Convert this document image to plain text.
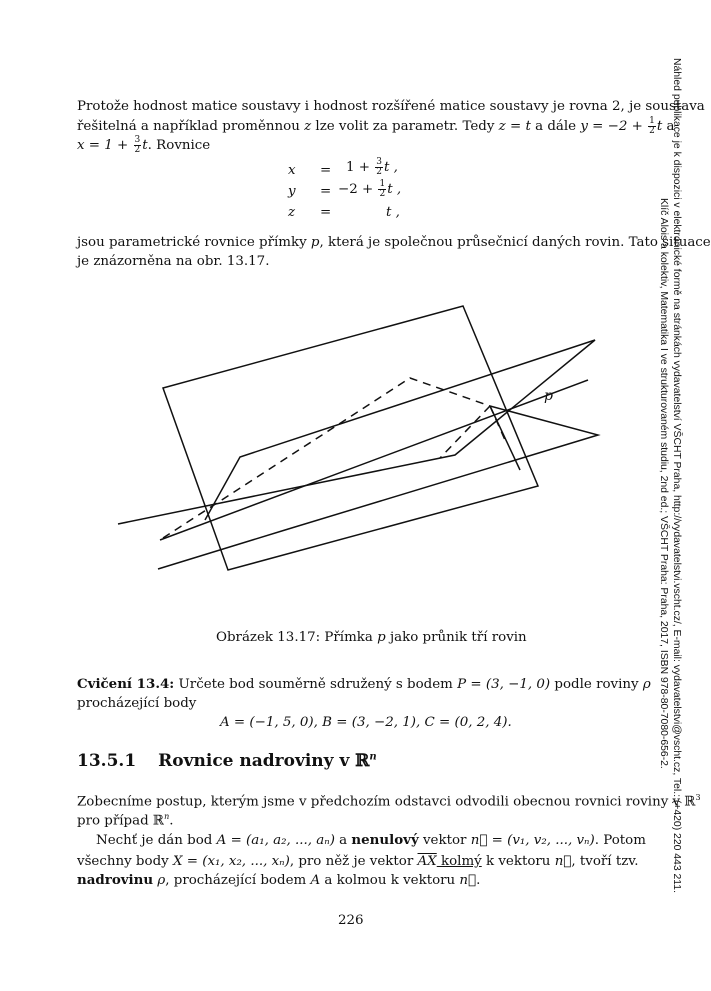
Protože hodnost matice soustavy i hodnost rozšířené matice soustavy je rovna 2, je soustava
řešitelná a například proměnnou z lze volit za parametr. Tedy z = t a dále $y = -2 + \frac{1}{2}$ t a
$x = 1 + \frac{3}{2} t$. Rovnice
$x = 1 + \frac{3}{2}$ t ,
$y = -2 + \frac{1}{2}$ t ,
z =	t ,
jsou parametrické rovnice přímky p, která je společnou průsečnicí daných rovin. Tato situace
je znázorněna na obr. 13.17.
p
Obrázek 13.17: Přímka p jako průnik tří rovin
Cvičení 13.4: Určete bod souměrně sdružený s bodem P = (3, −1, 0) podle roviny ρ
procházející body
A = (−1, 5, 0), B = (3, −2, 1), C = (0, 2, 4).
13.5.1 Rovnice nadroviny v ℝ$^n$
Zobecníme postup, kterým jsme v předchozím odstavci odvodili obecnou rovnici roviny v ℝ$^3$
pro případ ℝ$^n$.
Nechť je dán bod A = (a₁, a₂, ..., aₙ) a nenulový vektor n⃗ = (v₁, v₂, ..., vₙ). Potom
všechny body X = (x₁, x₂, ..., xₙ), pro něž je vektor $\overline{AX}$ kolmý k vektoru n⃗, tvoří tzv.
nadrovinu ρ, procházející bodem A a kolmou k vektoru n⃗.
226
Náhled publikace je k dispozici v elektronické formě na stránkách vydavatelství VŠCHT Praha, http://vydavatelstvi.vscht.cz/, E-mail: vydavatelstvi@vscht.cz, Tel.: (+420) 220 443 211.
Klíč Alois a kolektiv, Matematika I ve strukturovaném studiu, 2nd ed.; VŠCHT Praha: Praha, 2017, ISBN 978-80-7080-656-2.
